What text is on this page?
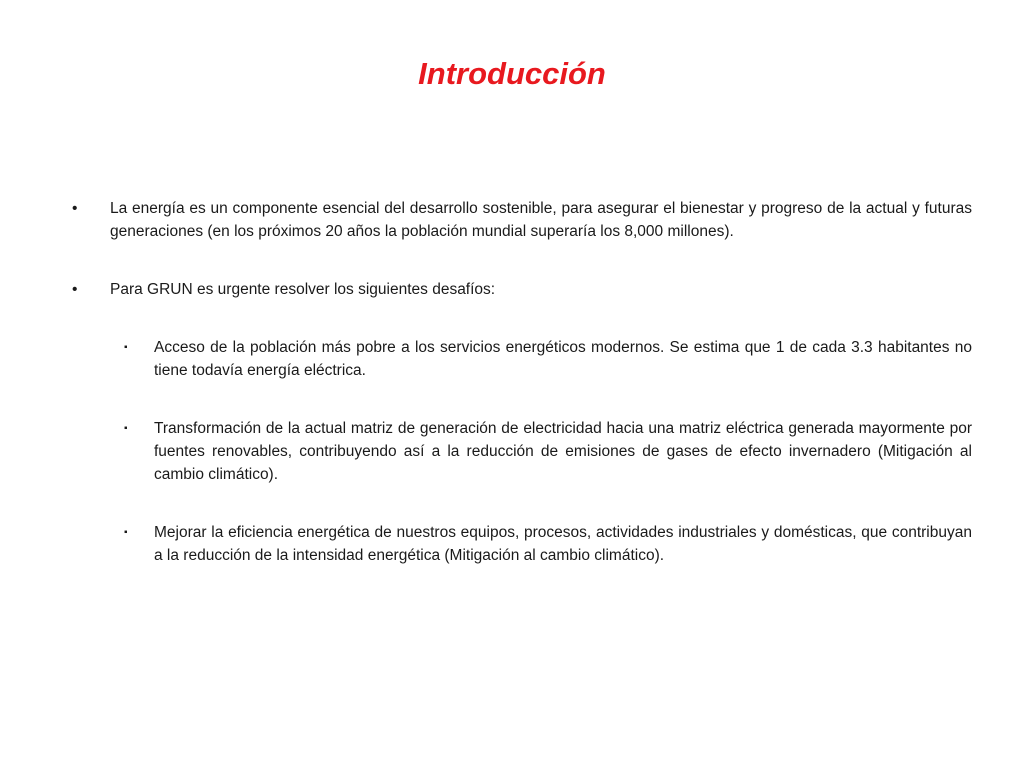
Introducción
• La energía es un componente esencial del desarrollo sostenible, para asegurar el bienestar y progreso de la actual y futuras generaciones (en los próximos 20 años la población mundial superaría los 8,000 millones).
• Para GRUN es urgente resolver los siguientes desafíos:
▪ Acceso de la población más pobre a los servicios energéticos modernos. Se estima que 1 de cada 3.3 habitantes no tiene todavía energía eléctrica.
▪ Transformación de la actual matriz de generación de electricidad hacia una matriz eléctrica generada mayormente por fuentes renovables, contribuyendo así a la reducción de emisiones de gases de efecto invernadero (Mitigación al cambio climático).
▪ Mejorar la eficiencia energética de nuestros equipos, procesos, actividades industriales y domésticas, que contribuyan a la reducción de la intensidad energética (Mitigación al cambio climático).
